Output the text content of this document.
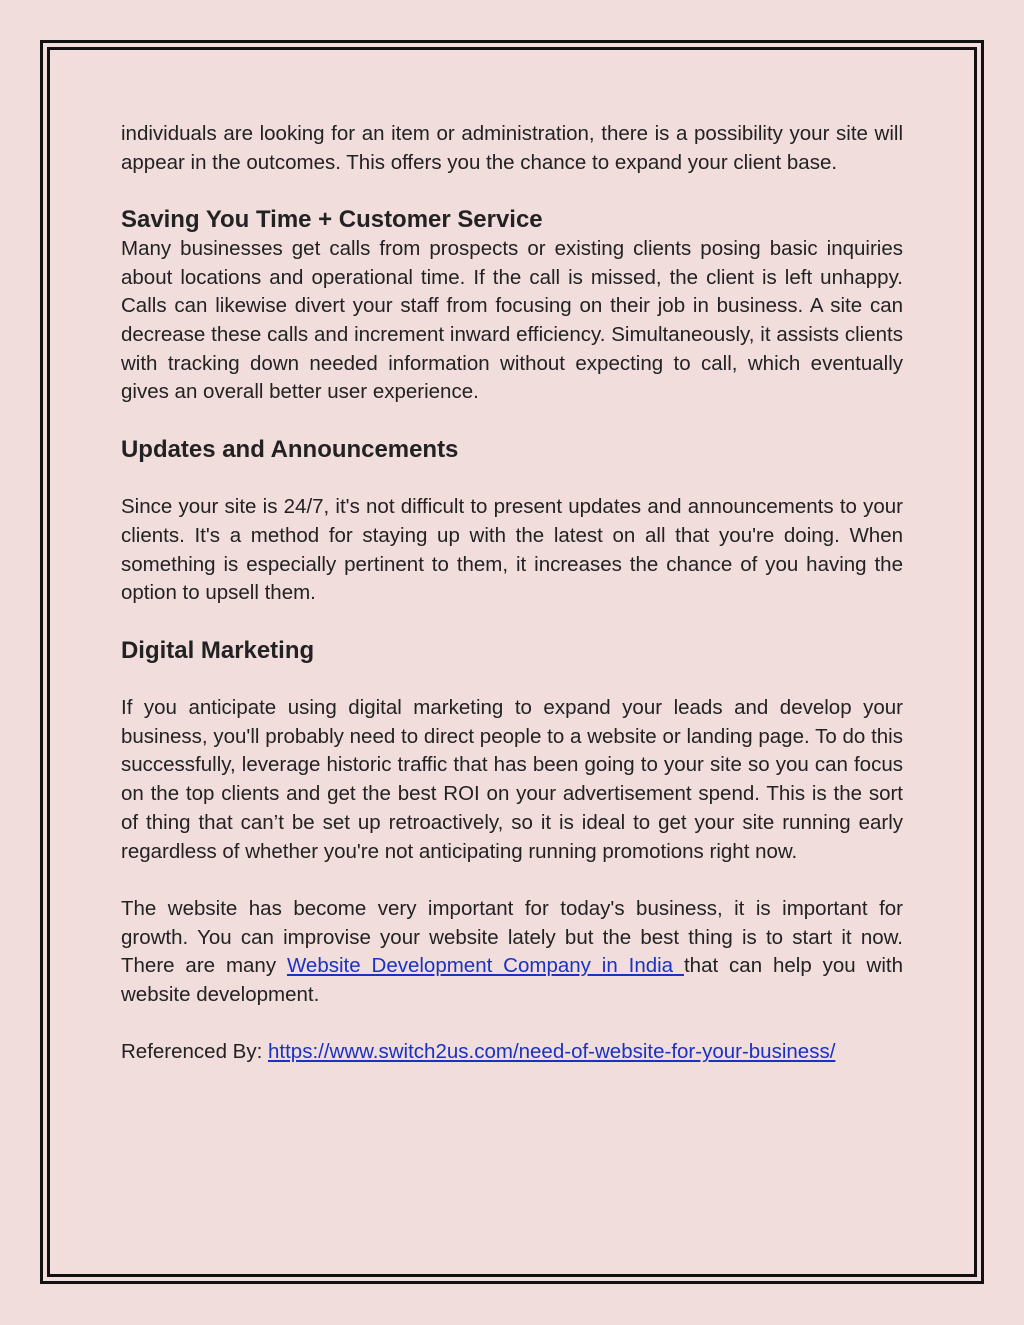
individuals are looking for an item or administration, there is a possibility your site will appear in the outcomes. This offers you the chance to expand your client base.

Saving You Time + Customer Service

Many businesses get calls from prospects or existing clients posing basic inquiries about locations and operational time. If the call is missed, the client is left unhappy. Calls can likewise divert your staff from focusing on their job in business. A site can decrease these calls and increment inward efficiency. Simultaneously, it assists clients with tracking down needed information without expecting to call, which eventually gives an overall better user experience.

Updates and Announcements

Since your site is 24/7, it's not difficult to present updates and announcements to your clients. It's a method for staying up with the latest on all that you're doing. When something is especially pertinent to them, it increases the chance of you having the option to upsell them.

Digital Marketing

If you anticipate using digital marketing to expand your leads and develop your business, you'll probably need to direct people to a website or landing page. To do this successfully, leverage historic traffic that has been going to your site so you can focus on the top clients and get the best ROI on your advertisement spend. This is the sort of thing that can’t be set up retroactively, so it is ideal to get your site running early regardless of whether you're not anticipating running promotions right now.

The website has become very important for today's business, it is important for growth. You can improvise your website lately but the best thing is to start it now. There are many Website Development Company in India that can help you with website development.

Referenced By: https://www.switch2us.com/need-of-website-for-your-business/
